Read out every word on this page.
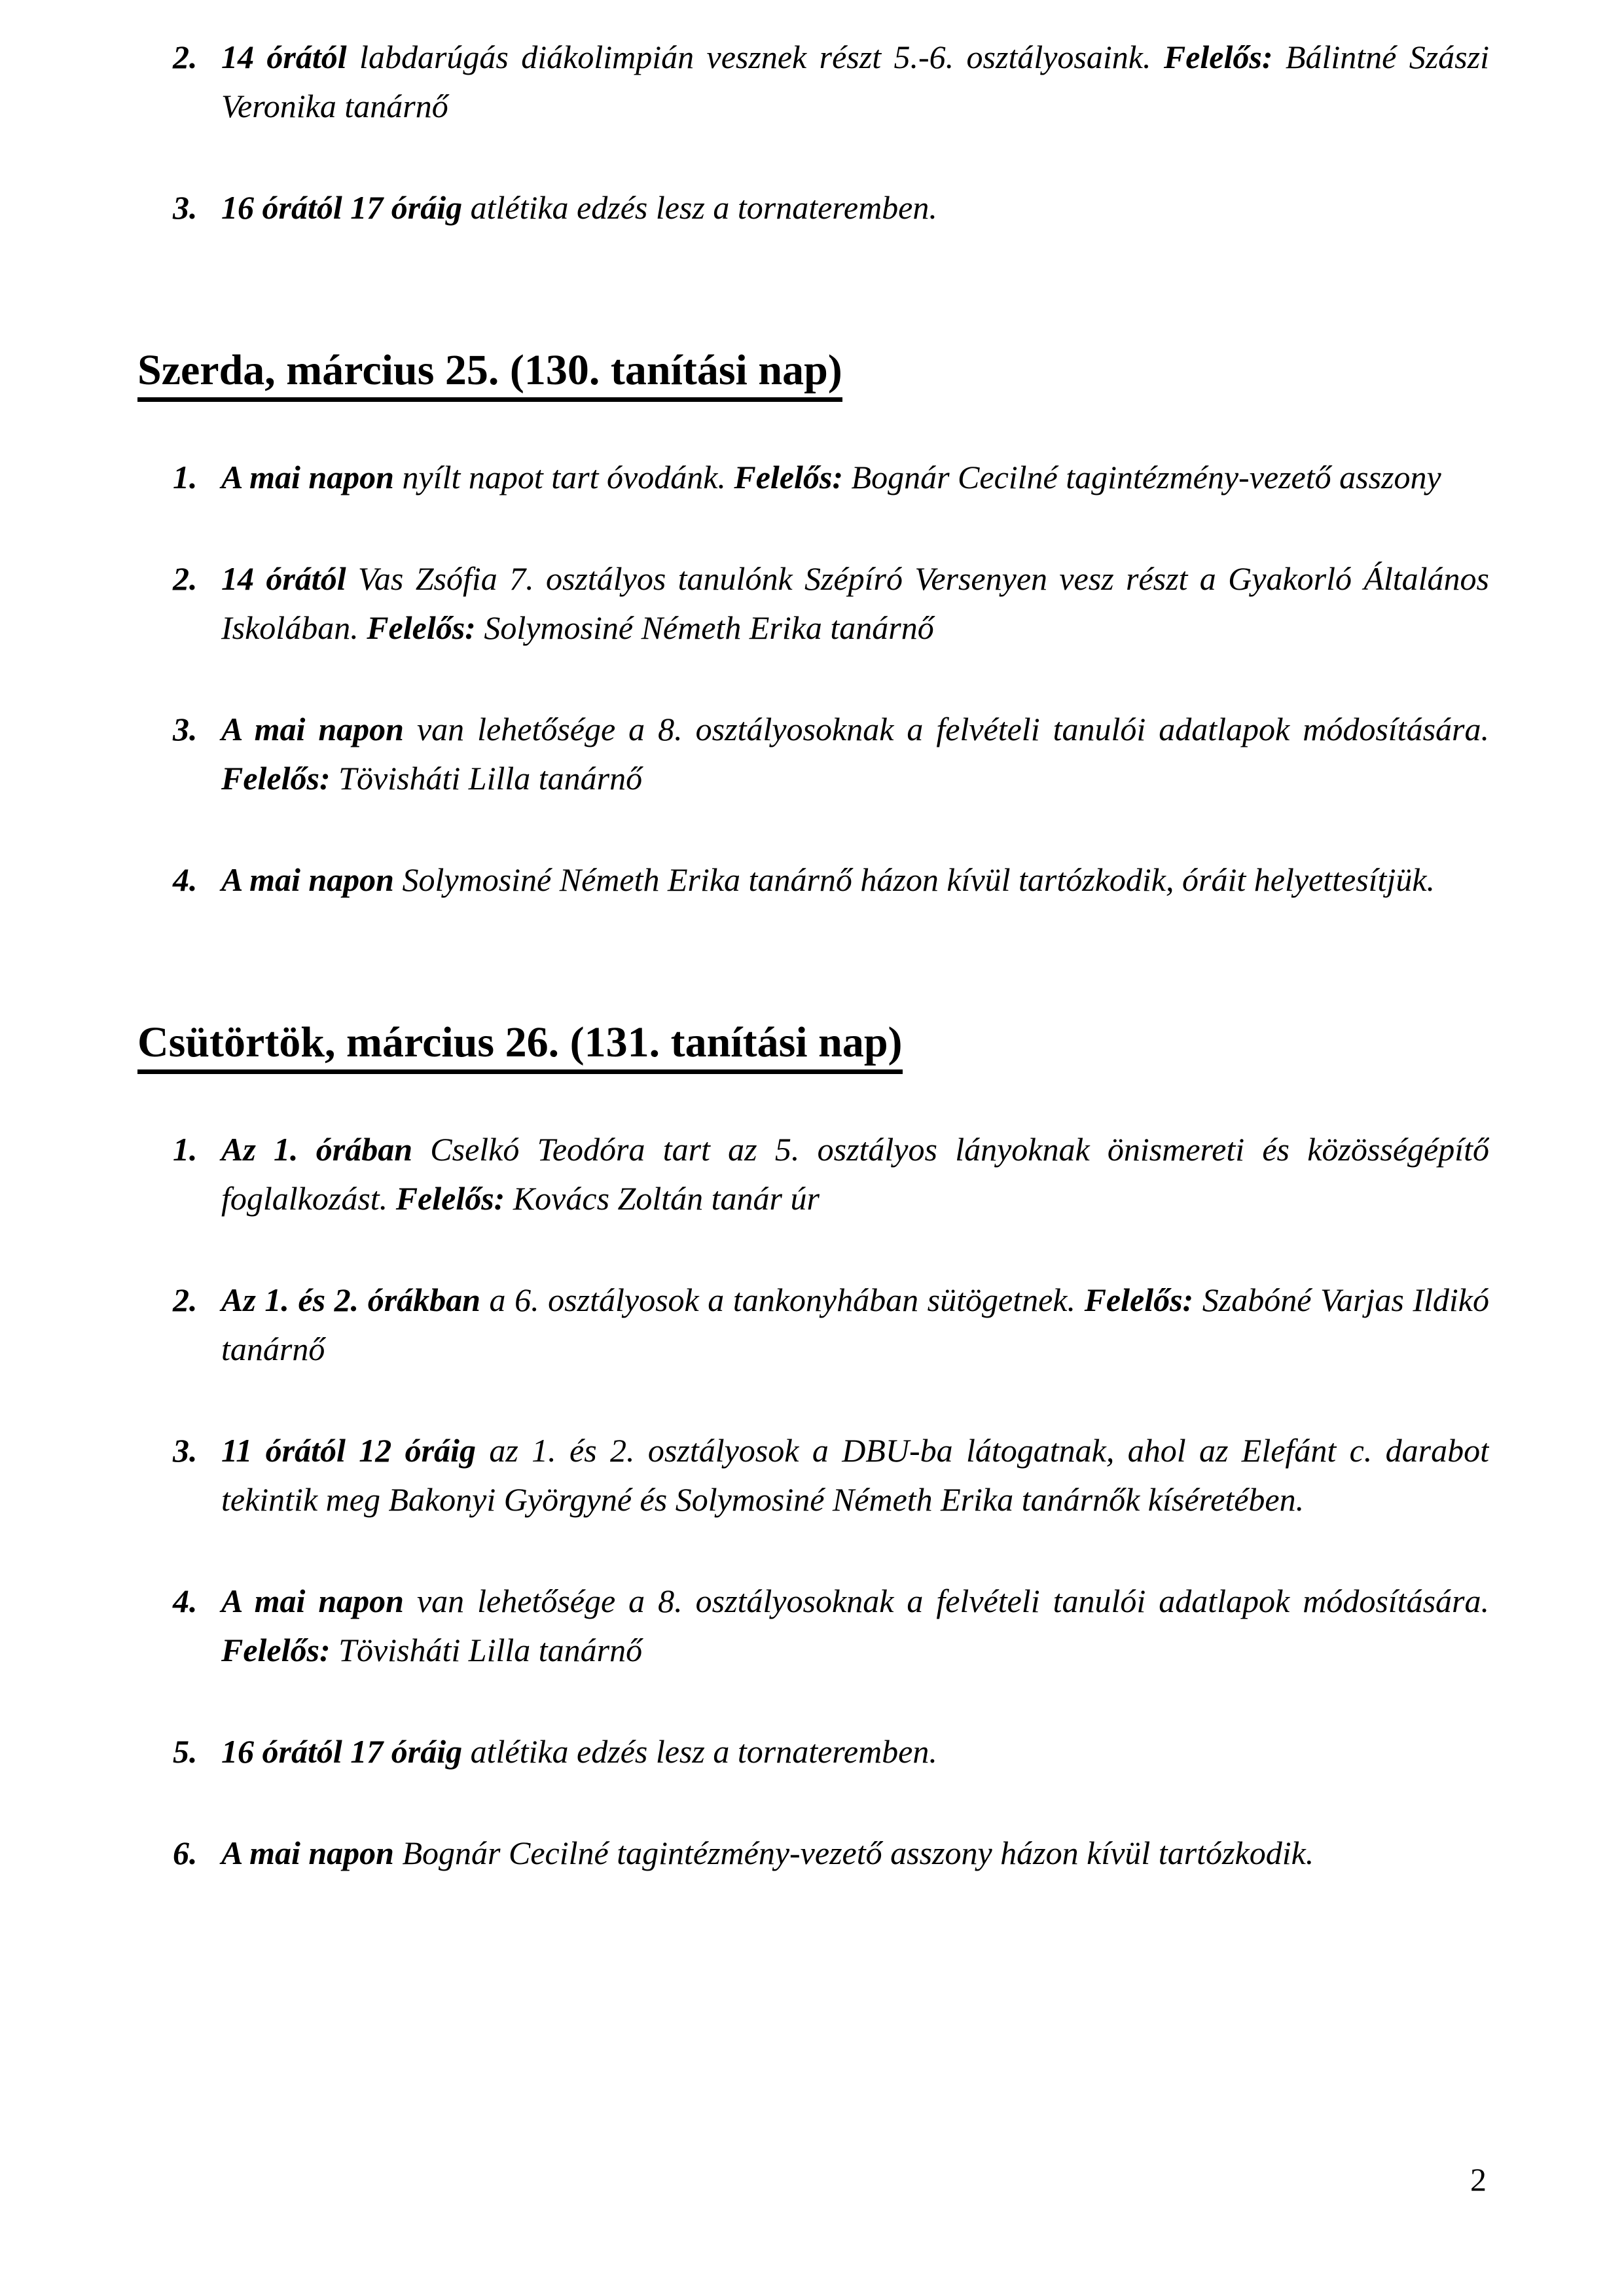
2. 14 órától labdarúgás diákolimpián vesznek részt 5.-6. osztályosaink. Felelős: Bálintné Szászi Veronika tanárnő
3. 16 órától 17 óráig atlétika edzés lesz a tornateremben.
Szerda, március 25. (130. tanítási nap)
1. A mai napon nyílt napot tart óvodánk. Felelős: Bognár Cecilné tagintézmény-vezető asszony
2. 14 órától Vas Zsófia 7. osztályos tanulónk Szépíró Versenyen vesz részt a Gyakorló Általános Iskolában. Felelős: Solymosiné Németh Erika tanárnő
3. A mai napon van lehetősége a 8. osztályosoknak a felvételi tanulói adatlapok módosítására. Felelős: Tövisháti Lilla tanárnő
4. A mai napon Solymosiné Németh Erika tanárnő házon kívül tartózkodik, óráit helyettesítjük.
Csütörtök, március 26. (131. tanítási nap)
1. Az 1. órában Cselkó Teodóra tart az 5. osztályos lányoknak önismereti és közösségépítő foglalkozást. Felelős: Kovács Zoltán tanár úr
2. Az 1. és 2. órákban a 6. osztályosok a tankonyhában sütögetnek. Felelős: Szabóné Varjas Ildikó tanárnő
3. 11 órától 12 óráig az 1. és 2. osztályosok a DBU-ba látogatnak, ahol az Elefánt c. darabot tekintik meg Bakonyi Györgyné és Solymosiné Németh Erika tanárnők kíséretében.
4. A mai napon van lehetősége a 8. osztályosoknak a felvételi tanulói adatlapok módosítására. Felelős: Tövisháti Lilla tanárnő
5. 16 órától 17 óráig atlétika edzés lesz a tornateremben.
6. A mai napon Bognár Cecilné tagintézmény-vezető asszony házon kívül tartózkodik.
2
